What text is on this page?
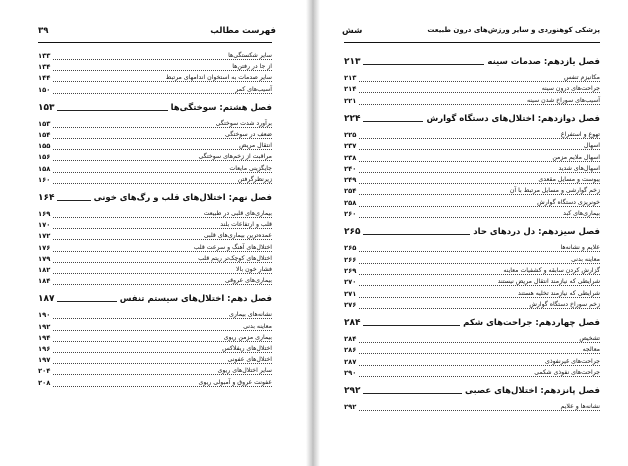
فهرست مطالب
۳۹
سایر شکستگی‌ها
۱۳۳
از جا در رفتن‌ها
۱۳۴
سایر صدمات به استخوان اندامهای مرتبط
۱۴۴
آسیب‌های کمر
۱۵۰
فصل هشتم: سوختگی‌ها
۱۵۳
برآورد شدت سوختگی
۱۵۳
ضعف در سوختگی
۱۵۴
انتقال مریض
۱۵۵
مراقبت از زخم‌های سوختگی
۱۵۶
جایگزینی مایعات
۱۵۸
زیرنظرگرفتن
۱۶۰
فصل نهم: اختلال‌های قلب و رگ‌های خونی
۱۶۴
بیماری‌های قلبی در طبیعت
۱۶۹
قلب و ارتفاعات بلند
۱۷۰
عمده‌ترین بیماری‌های قلبی
۱۷۲
اختلال‌های آهنگ و سرعت قلب
۱۷۶
اختلال‌های کوچک‌تر ریتم قلب
۱۷۹
فشار خون بالا
۱۸۲
بیماری‌های عروقی
۱۸۴
فصل دهم: اختلال‌های سیستم تنفس
۱۸۷
نشانه‌های بیماری
۱۹۰
معاینه بدنی
۱۹۲
بیماری مزمن ریوی
۱۹۴
اختلال‌های ریفلاکس
۱۹۶
اختلال‌های عفونی
۱۹۷
سایر اختلال‌های ریوی
۲۰۴
عفونت عروق و آمبولی ریوی
۲۰۸
پزشکی کوهنوردی و سایر ورزش‌های درون طبیعت
شش
فصل یازدهم: صدمات سینه
۲۱۳
مکانیزم تنفس
۲۱۳
جراحت‌های درون سینه
۲۱۴
آسیب‌های سوراخ شدن سینه
۲۲۱
فصل دوازدهم: اختلال‌های دستگاه گوارش
۲۲۴
تهوع و استفراغ
۲۲۵
اسهال
۲۳۷
اسهال ملایم مزمن
۲۳۸
اسهال‌های شدید
۲۴۰
یبوست و مسایل مقعدی
۲۴۹
زخم گوارشی و مسایل مرتبط با آن
۲۵۴
خونریزی دستگاه گوارش
۲۵۸
بیماری‌های کبد
۲۶۰
فصل سیزدهم: دل دردهای حاد
۲۶۵
علایم و نشانه‌ها
۲۶۵
معاینه بدنی
۲۶۶
گزارش کردن سابقه و کشفیات معاینه
۲۶۹
شرایطی که نیازمند انتقال مریض نیستند
۲۷۰
شرایطی که نیازمند تخلیه هستند
۲۷۱
زخم سوراخ دستگاه گوارش
۲۷۶
فصل چهاردهم: جراحت‌های شکم
۲۸۴
تشخیص
۲۸۴
معالجه
۲۸۶
جراحت‌های غیرنفوذی
۲۸۷
جراحت‌های نفوذی شکمی
۲۹۰
فصل پانزدهم: اختلال‌های عصبی
۲۹۲
نشانه‌ها و علایم
۲۹۲
